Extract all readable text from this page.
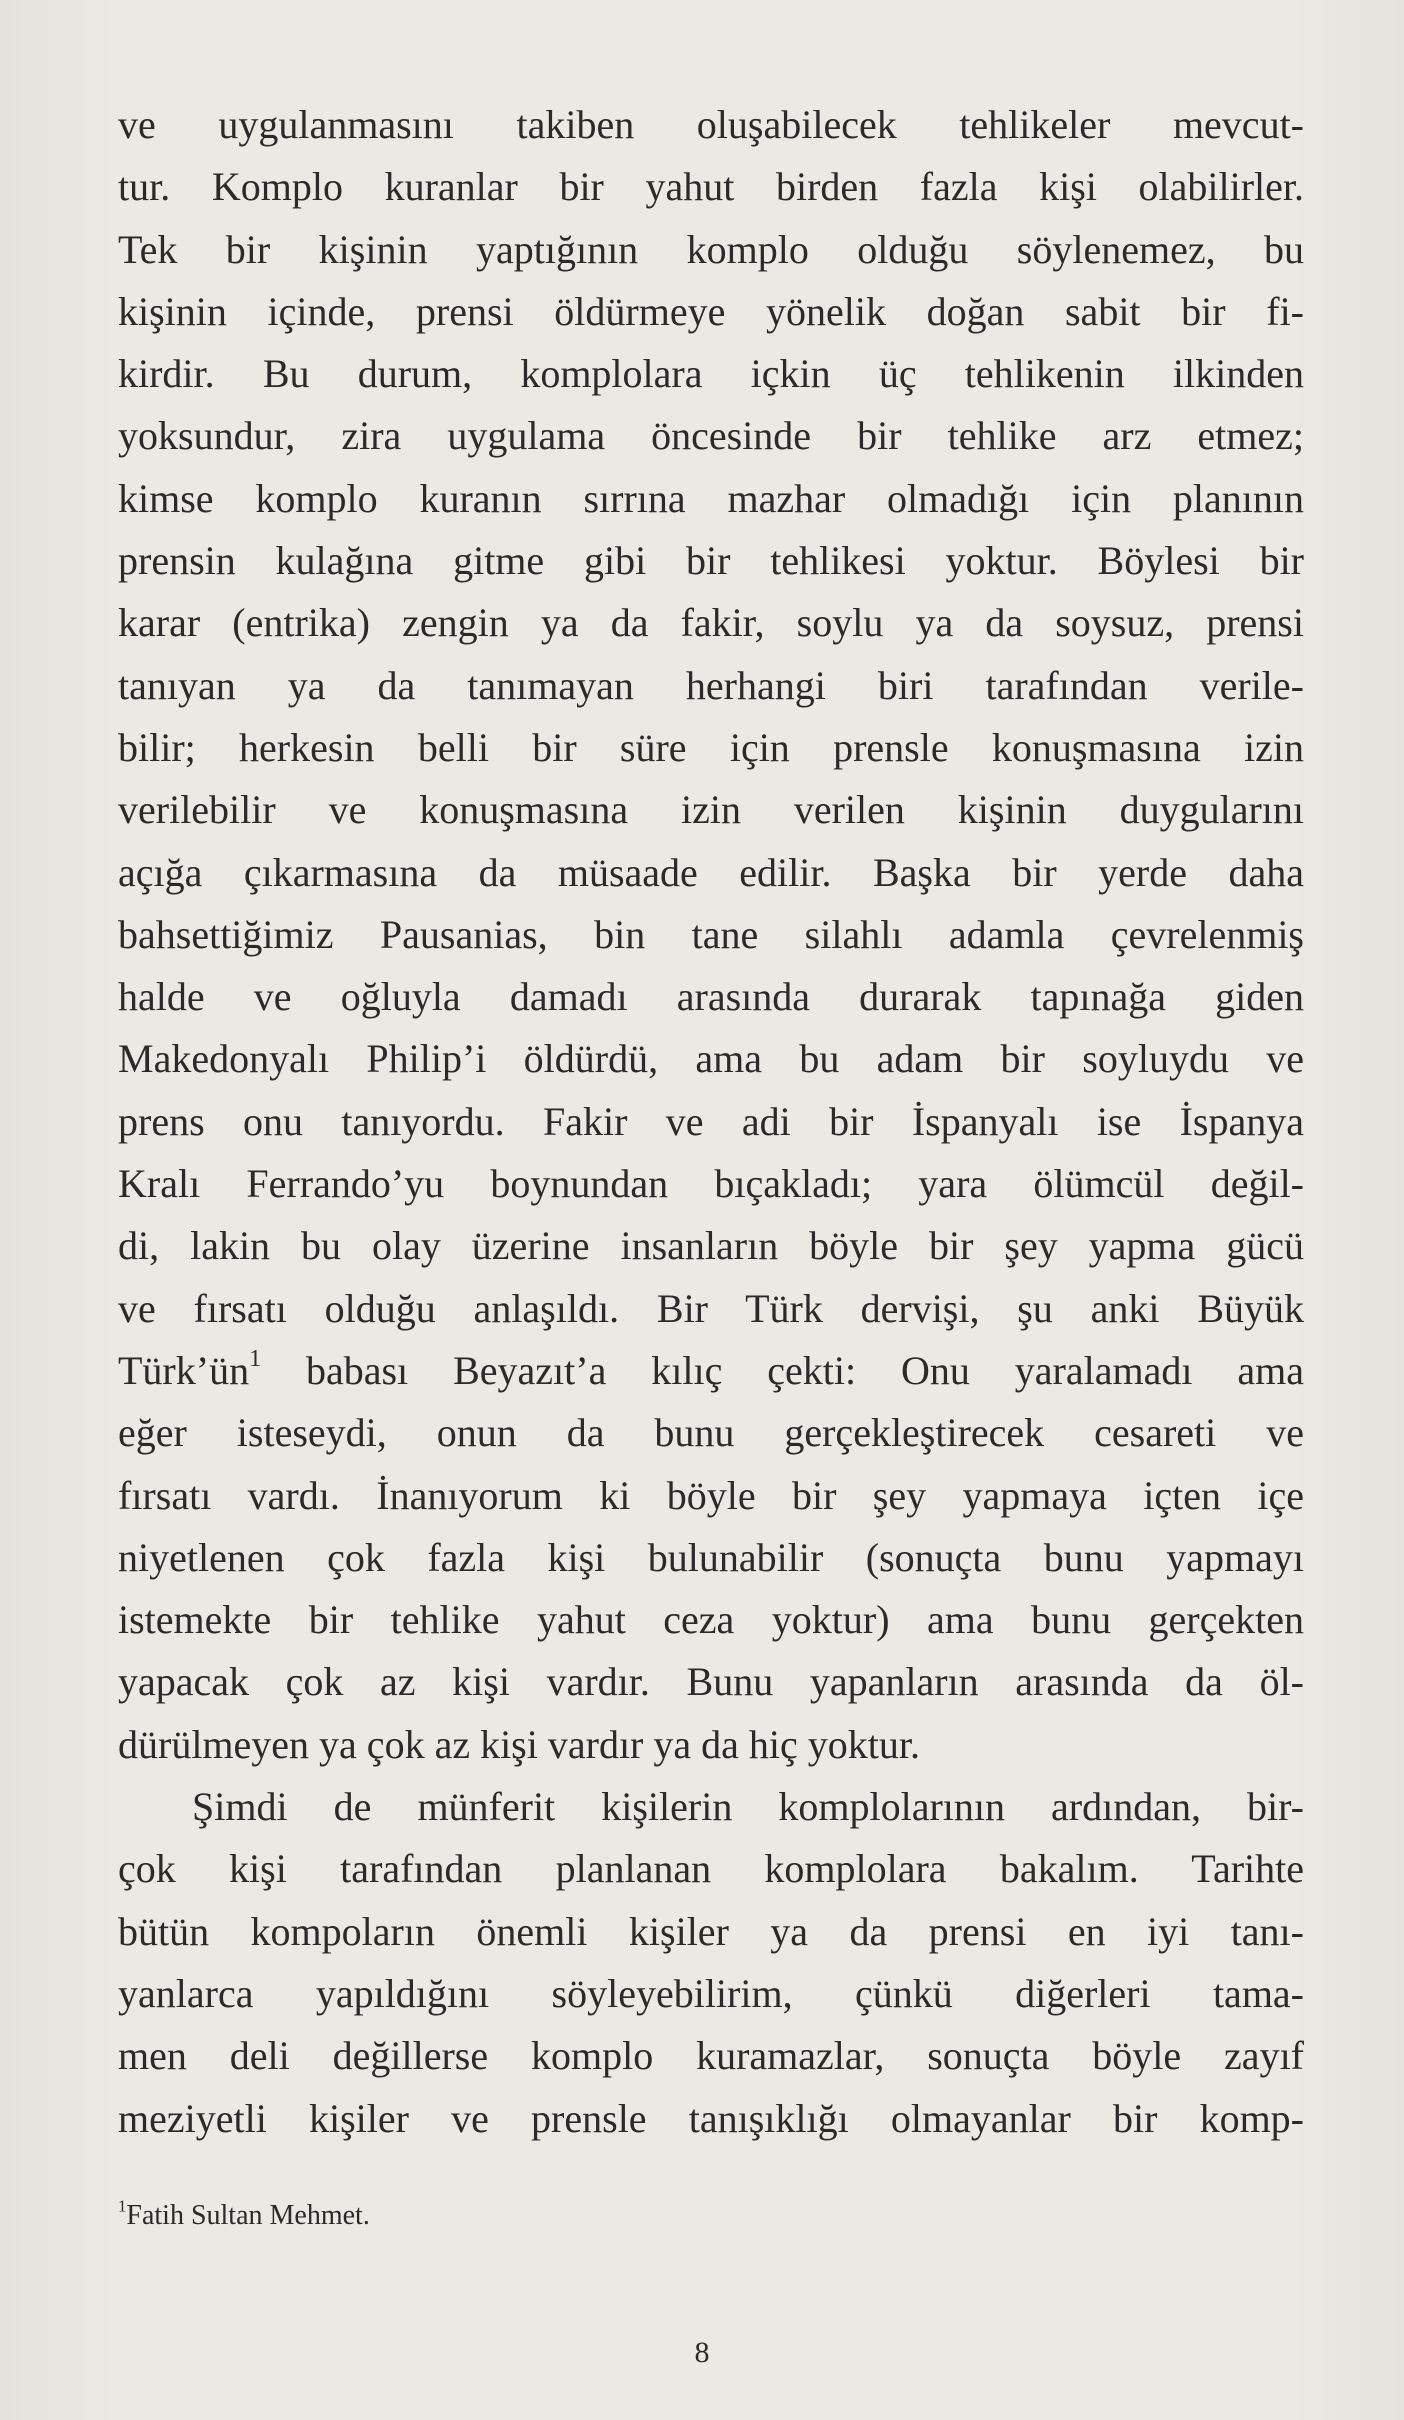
ve uygulanmasını takiben oluşabilecek tehlikeler mevcut-
tur. Komplo kuranlar bir yahut birden fazla kişi olabilirler.
Tek bir kişinin yaptığının komplo olduğu söylenemez, bu
kişinin içinde, prensi öldürmeye yönelik doğan sabit bir fi-
kirdir. Bu durum, komplolara içkin üç tehlikenin ilkinden
yoksundur, zira uygulama öncesinde bir tehlike arz etmez;
kimse komplo kuranın sırrına mazhar olmadığı için planının
prensin kulağına gitme gibi bir tehlikesi yoktur. Böylesi bir
karar (entrika) zengin ya da fakir, soylu ya da soysuz, prensi
tanıyan ya da tanımayan herhangi biri tarafından verile-
bilir; herkesin belli bir süre için prensle konuşmasına izin
verilebilir ve konuşmasına izin verilen kişinin duygularını
açığa çıkarmasına da müsaade edilir. Başka bir yerde daha
bahsettiğimiz Pausanias, bin tane silahlı adamla çevrelenmiş
halde ve oğluyla damadı arasında durarak tapınağa giden
Makedonyalı Philip’i öldürdü, ama bu adam bir soyluydu ve
prens onu tanıyordu. Fakir ve adi bir İspanyalı ise İspanya
Kralı Ferrando’yu boynundan bıçakladı; yara ölümcül değil-
di, lakin bu olay üzerine insanların böyle bir şey yapma gücü
ve fırsatı olduğu anlaşıldı. Bir Türk dervişi, şu anki Büyük
$Türk’ün^1$ babası Beyazıt’a kılıç çekti: Onu yaralamadı ama
eğer isteseydi, onun da bunu gerçekleştirecek cesareti ve
fırsatı vardı. İnanıyorum ki böyle bir şey yapmaya içten içe
niyetlenen çok fazla kişi bulunabilir (sonuçta bunu yapmayı
istemekte bir tehlike yahut ceza yoktur) ama bunu gerçekten
yapacak çok az kişi vardır. Bunu yapanların arasında da öl-
dürülmeyen ya çok az kişi vardır ya da hiç yoktur.
Şimdi de münferit kişilerin komplolarının ardından, bir-
çok kişi tarafından planlanan komplolara bakalım. Tarihte
bütün kompoların önemli kişiler ya da prensi en iyi tanı-
yanlarca yapıldığını söyleyebilirim, çünkü diğerleri tama-
men deli değillerse komplo kuramazlar, sonuçta böyle zayıf
meziyetli kişiler ve prensle tanışıklığı olmayanlar bir komp-
$^1$Fatih Sultan Mehmet.
8
